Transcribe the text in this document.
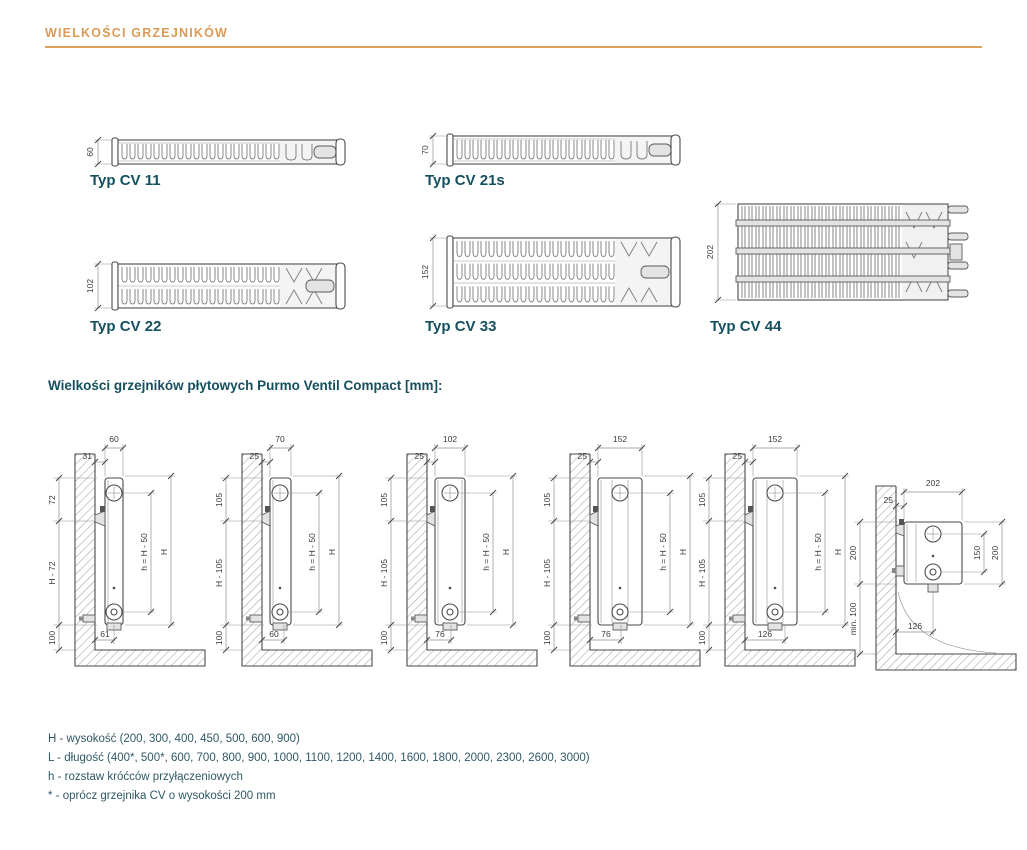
WIELKOŚCI GRZEJNIKÓW
60
Typ CV 11
70
Typ CV 21s
102
Typ CV 22
152
Typ CV 33
202
Typ CV 44
Wielkości grzejników płytowych Purmo Ventil Compact [mm]:
72
H - 72
100
60
31
h = H - 50 H
61
105
H - 105
100
70
25
h = H - 50 H
60
105
H - 105
100
102
25
h = H - 50 H
76
105
H - 105
100
152
25
h = H - 50 H
76
105
H - 105
100
152
25
h = H - 50 H
126
200
min. 100
202
25
150 200
126
H - wysokość (200, 300, 400, 450, 500, 600, 900)
L - długość (400*, 500*, 600, 700, 800, 900, 1000, 1100, 1200, 1400, 1600, 1800, 2000, 2300, 2600, 3000)
h - rozstaw króćców przyłączeniowych
* - oprócz grzejnika CV o wysokości 200 mm
